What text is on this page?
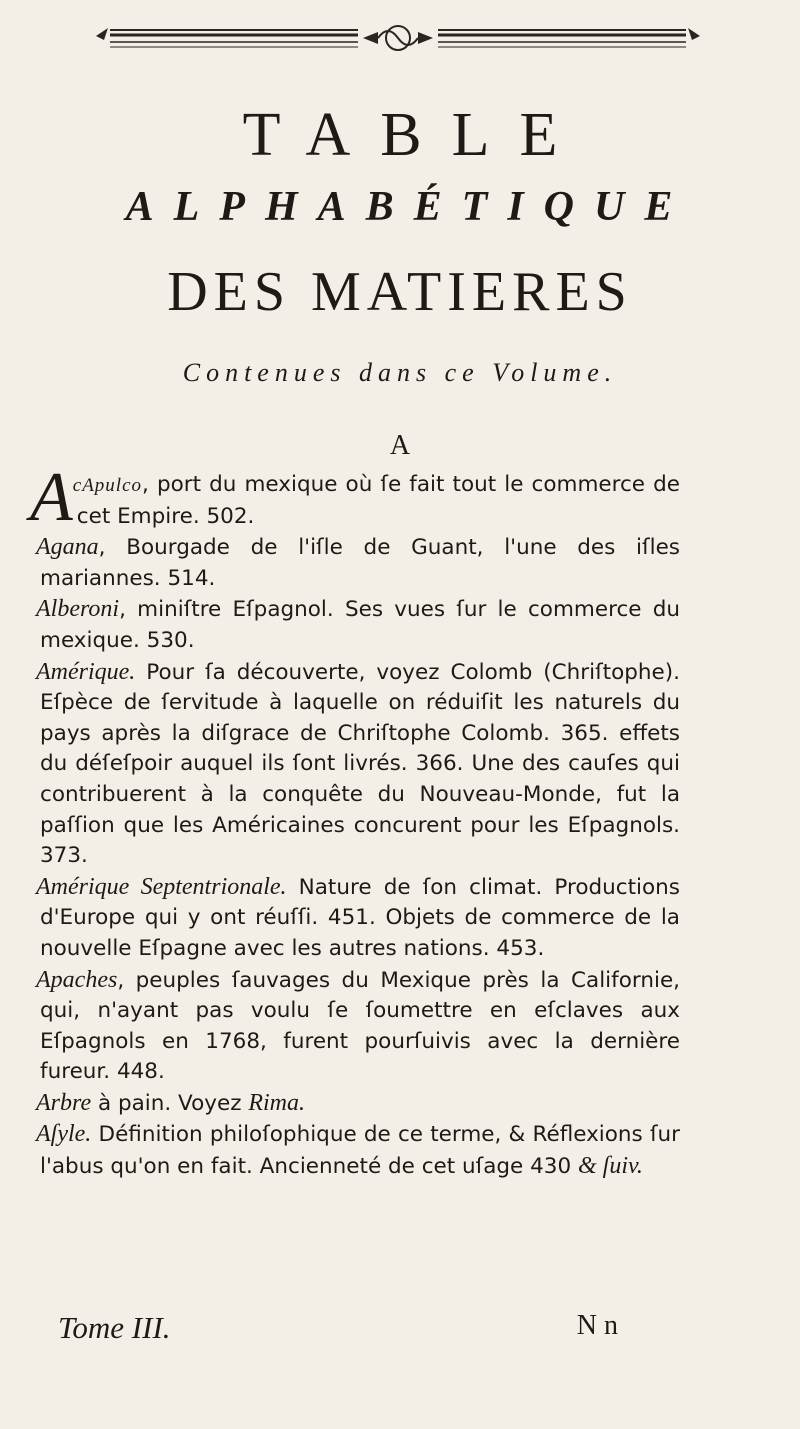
TABLE
ALPHABÉTIQUE
DES MATIERES
Contenues dans ce Volume.
A

AcApulco, port du mexique où ſe fait tout le commerce de cet Empire. 502.

Agana, Bourgade de l'iſle de Guant, l'une des iſles mariannes. 514.

Alberoni, miniſtre Eſpagnol. Ses vues ſur le commerce du mexique. 530.

Amérique. Pour ſa découverte, voyez Colomb (Chriſtophe). Eſpèce de ſervitude à laquelle on réduiſit les naturels du pays après la diſgrace de Chriſtophe Colomb. 365. effets du déſeſpoir auquel ils ſont livrés. 366. Une des cauſes qui contribuerent à la conquête du Nouveau-Monde, fut la paſſion que les Américaines concurent pour les Eſpagnols. 373.

Amérique Septentrionale. Nature de ſon climat. Productions d'Europe qui y ont réuſſi. 451. Objets de commerce de la nouvelle Eſpagne avec les autres nations. 453.

Apaches, peuples ſauvages du Mexique près la Californie, qui, n'ayant pas voulu ſe ſoumettre en eſclaves aux Eſpagnols en 1768, furent pourſuivis avec la dernière fureur. 448.

Arbre à pain. Voyez Rima.

Aſyle. Définition philoſophique de ce terme, & Réflexions ſur l'abus qu'on en fait. Ancienneté de cet uſage 430 & ſuiv.

Tome III.	N n
